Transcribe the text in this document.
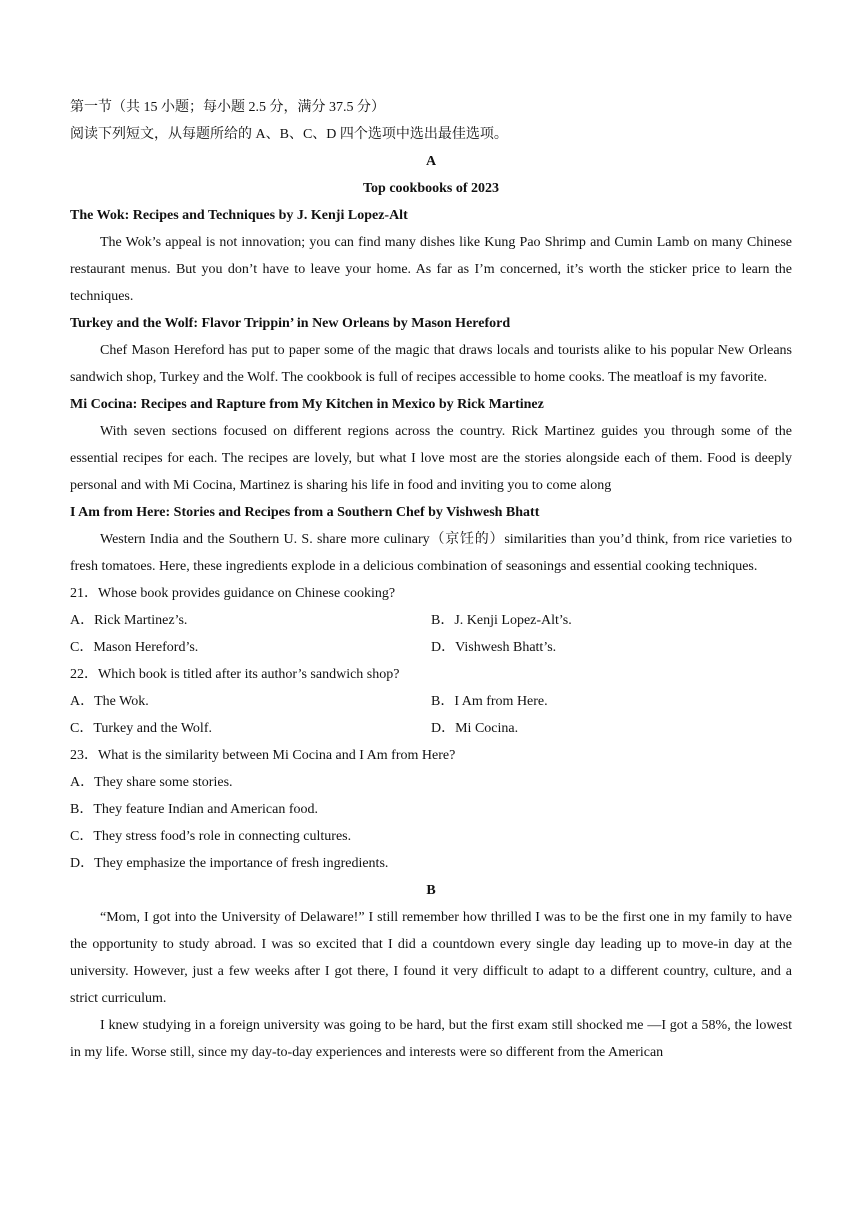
第一节（共 15 小题；每小题 2.5 分，满分 37.5 分）
阅读下列短文，从每题所给的 A、B、C、D 四个选项中选出最佳选项。
A
Top cookbooks of 2023
The Wok: Recipes and Techniques by J. Kenji Lopez-Alt
The Wok’s appeal is not innovation; you can find many dishes like Kung Pao Shrimp and Cumin Lamb on many Chinese restaurant menus. But you don’t have to leave your home. As far as I’m concerned, it’s worth the sticker price to learn the techniques.
Turkey and the Wolf: Flavor Trippin’ in New Orleans by Mason Hereford
Chef Mason Hereford has put to paper some of the magic that draws locals and tourists alike to his popular New Orleans sandwich shop, Turkey and the Wolf. The cookbook is full of recipes accessible to home cooks. The meatloaf is my favorite.
Mi Cocina: Recipes and Rapture from My Kitchen in Mexico by Rick Martinez
With seven sections focused on different regions across the country. Rick Martinez guides you through some of the essential recipes for each. The recipes are lovely, but what I love most are the stories alongside each of them. Food is deeply personal and with Mi Cocina, Martinez is sharing his life in food and inviting you to come along
I Am from Here: Stories and Recipes from a Southern Chef by Vishwesh Bhatt
Western India and the Southern U. S. share more culinary（京饪的）similarities than you’d think, from rice varieties to fresh tomatoes. Here, these ingredients explode in a delicious combination of seasonings and essential cooking techniques.
21．Whose book provides guidance on Chinese cooking?
A．Rick Martinez’s.	B．J. Kenji Lopez-Alt’s.
C．Mason Hereford’s.	D．Vishwesh Bhatt’s.
22．Which book is titled after its author’s sandwich shop?
A．The Wok.	B．I Am from Here.
C．Turkey and the Wolf.	D．Mi Cocina.
23．What is the similarity between Mi Cocina and I Am from Here?
A．They share some stories.
B．They feature Indian and American food.
C．They stress food’s role in connecting cultures.
D．They emphasize the importance of fresh ingredients.
B
“Mom, I got into the University of Delaware!” I still remember how thrilled I was to be the first one in my family to have the opportunity to study abroad. I was so excited that I did a countdown every single day leading up to move-in day at the university. However, just a few weeks after I got there, I found it very difficult to adapt to a different country, culture, and a strict curriculum.
I knew studying in a foreign university was going to be hard, but the first exam still shocked me —I got a 58%, the lowest in my life. Worse still, since my day-to-day experiences and interests were so different from the American
